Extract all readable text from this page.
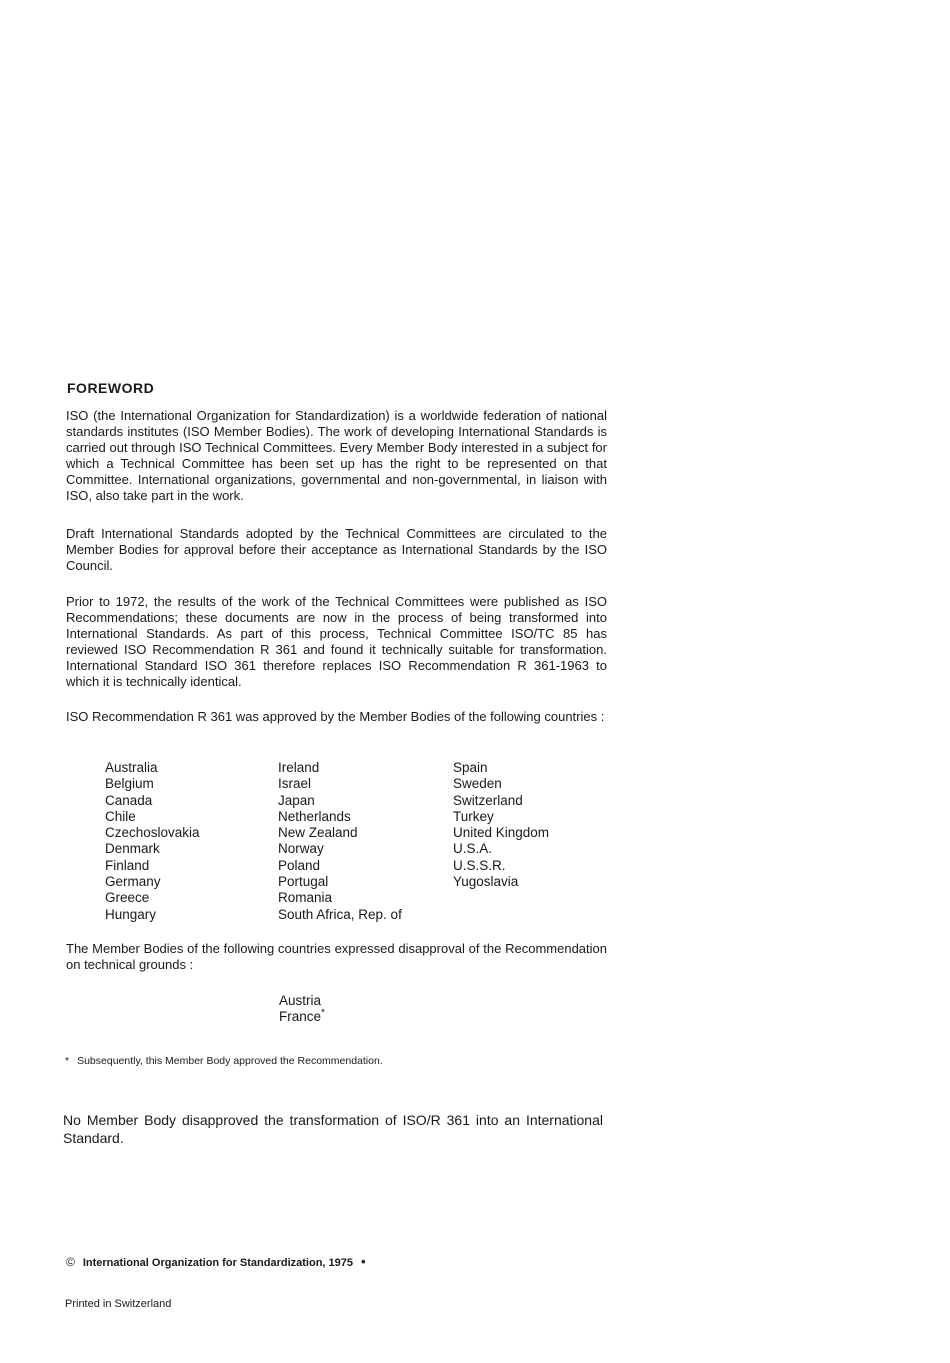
FOREWORD

ISO (the International Organization for Standardization) is a worldwide federation of national standards institutes (ISO Member Bodies). The work of developing International Standards is carried out through ISO Technical Committees. Every Member Body interested in a subject for which a Technical Committee has been set up has the right to be represented on that Committee. International organizations, governmental and non-governmental, in liaison with ISO, also take part in the work.

Draft International Standards adopted by the Technical Committees are circulated to the Member Bodies for approval before their acceptance as International Standards by the ISO Council.

Prior to 1972, the results of the work of the Technical Committees were published as ISO Recommendations; these documents are now in the process of being transformed into International Standards. As part of this process, Technical Committee ISO/TC 85 has reviewed ISO Recommendation R 361 and found it technically suitable for transformation. International Standard ISO 361 therefore replaces ISO Recommendation R 361-1963 to which it is technically identical.

ISO Recommendation R 361 was approved by the Member Bodies of the following countries :

Australia
Belgium
Canada
Chile
Czechoslovakia
Denmark
Finland
Germany
Greece
Hungary
Ireland
Israel
Japan
Netherlands
New Zealand
Norway
Poland
Portugal
Romania
South Africa, Rep. of
Spain
Sweden
Switzerland
Turkey
United Kingdom
U.S.A.
U.S.S.R.
Yugoslavia

The Member Bodies of the following countries expressed disapproval of the Recommendation on technical grounds :

Austria
France*

* Subsequently, this Member Body approved the Recommendation.

No Member Body disapproved the transformation of ISO/R 361 into an International Standard.

© International Organization for Standardization, 1975 •

Printed in Switzerland
